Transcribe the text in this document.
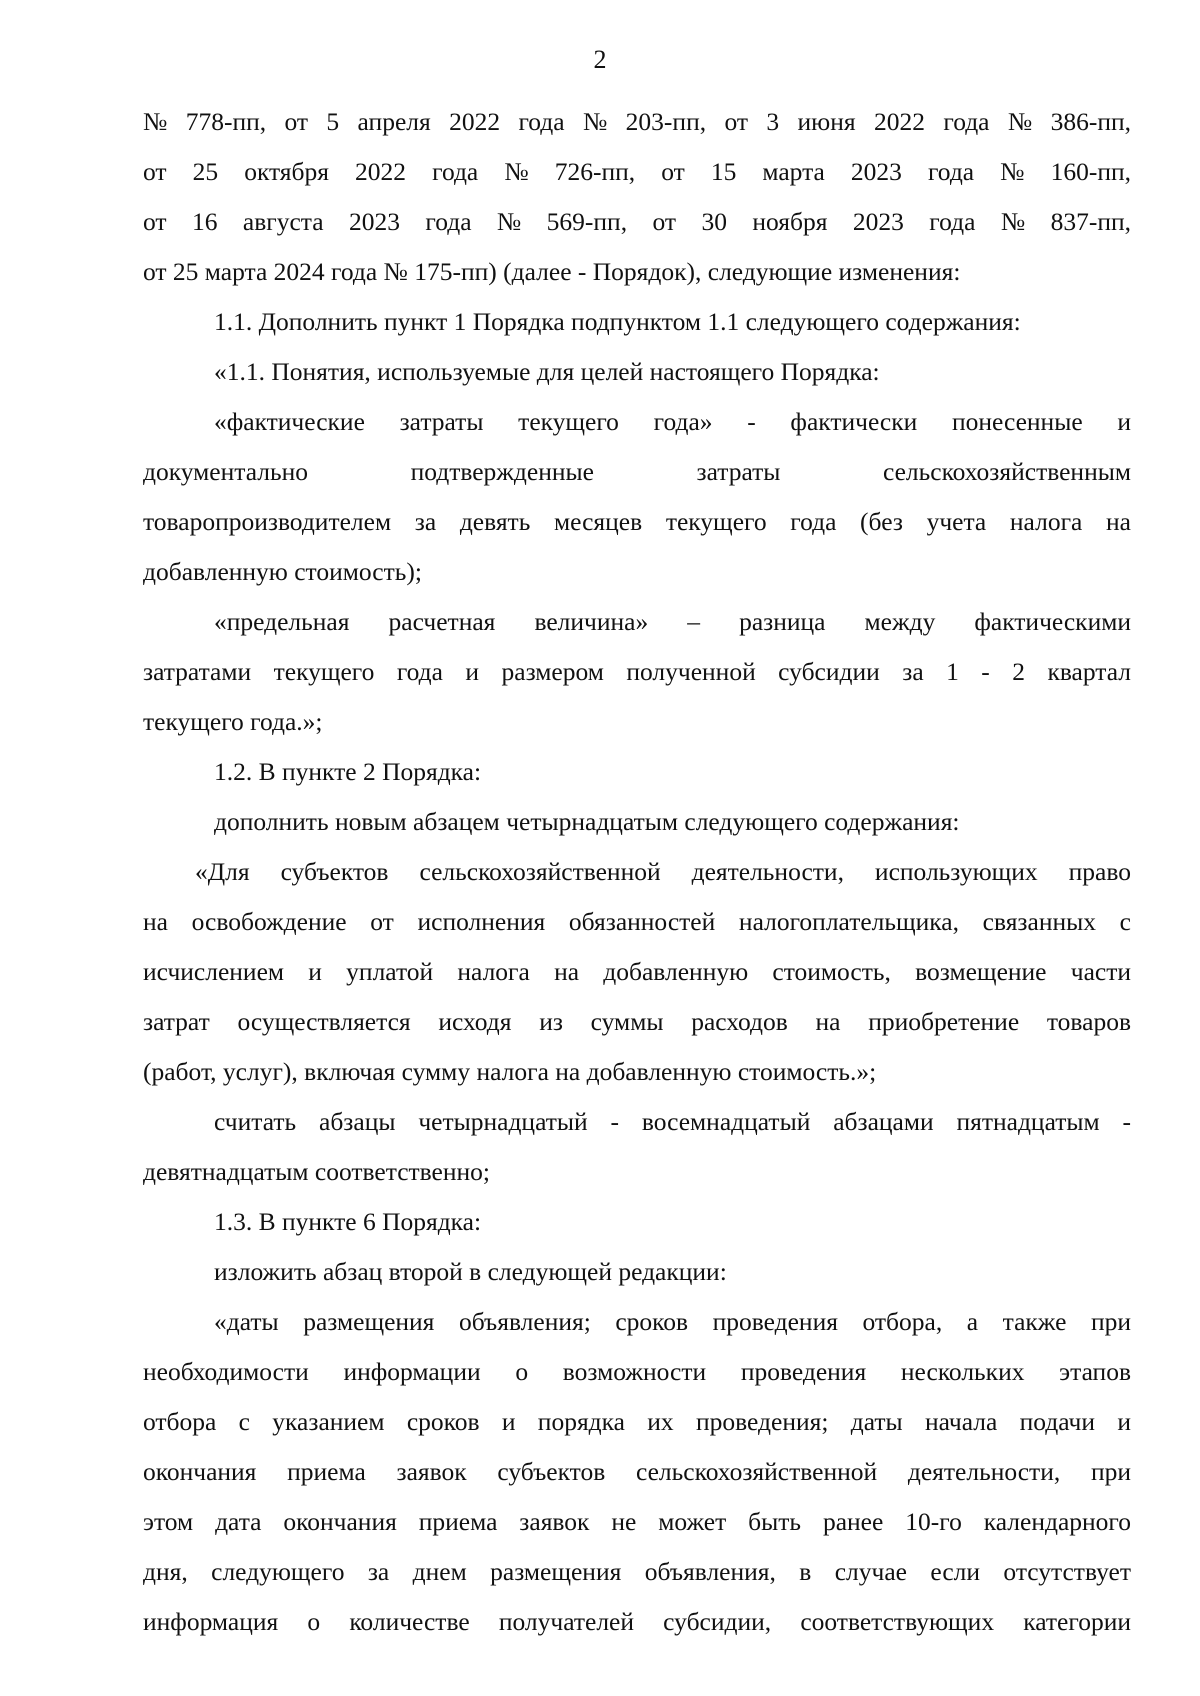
2
№ 778-пп, от 5 апреля 2022 года № 203-пп, от 3 июня 2022 года № 386-пп,
от 25 октября 2022 года № 726-пп, от 15 марта 2023 года № 160-пп,
от 16 августа 2023 года № 569-пп, от 30 ноября 2023 года № 837-пп,
от 25 марта 2024 года № 175-пп) (далее - Порядок), следующие изменения:
1.1. Дополнить пункт 1 Порядка подпунктом 1.1 следующего содержания:
«1.1. Понятия, используемые для целей настоящего Порядка:
«фактические затраты текущего года» - фактически понесенные и
документально подтвержденные затраты сельскохозяйственным
товаропроизводителем за девять месяцев текущего года (без учета налога на
добавленную стоимость);
«предельная расчетная величина» – разница между фактическими
затратами текущего года и размером полученной субсидии за 1 - 2 квартал
текущего года.»;
1.2. В пункте 2 Порядка:
дополнить новым абзацем четырнадцатым следующего содержания:
«Для субъектов сельскохозяйственной деятельности, использующих право
на освобождение от исполнения обязанностей налогоплательщика, связанных с
исчислением и уплатой налога на добавленную стоимость, возмещение части
затрат осуществляется исходя из суммы расходов на приобретение товаров
(работ, услуг), включая сумму налога на добавленную стоимость.»;
считать абзацы четырнадцатый - восемнадцатый абзацами пятнадцатым -
девятнадцатым соответственно;
1.3. В пункте 6 Порядка:
изложить абзац второй в следующей редакции:
«даты размещения объявления; сроков проведения отбора, а также при
необходимости информации о возможности проведения нескольких этапов
отбора с указанием сроков и порядка их проведения; даты начала подачи и
окончания приема заявок субъектов сельскохозяйственной деятельности, при
этом дата окончания приема заявок не может быть ранее 10-го календарного
дня, следующего за днем размещения объявления, в случае если отсутствует
информация о количестве получателей субсидии, соответствующих категории
